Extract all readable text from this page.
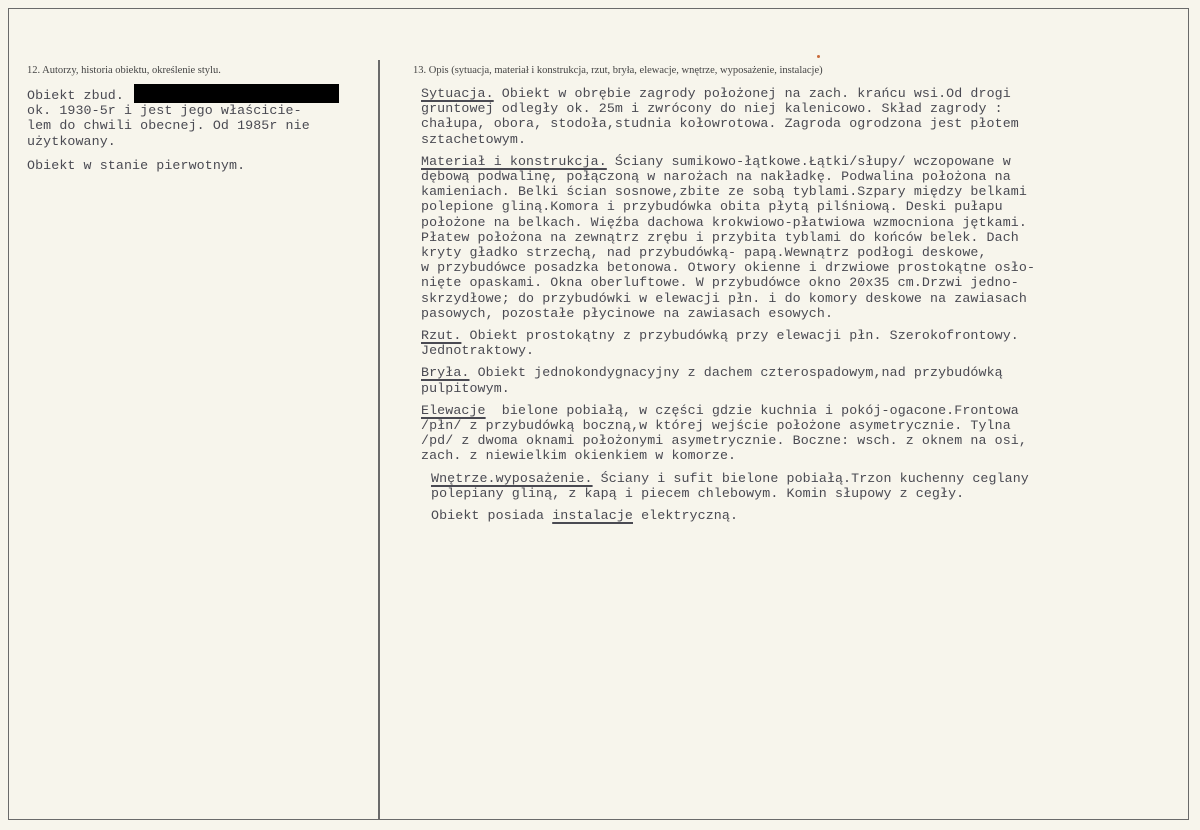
12. Autorzy, historia obiektu, określenie stylu.	13. Opis (sytuacja, materiał i konstrukcja, rzut, bryła, elewacje, wnętrze, wyposażenie, instalacje)
Obiekt zbud.
ok. 1930-5r i jest jego właściciе-
lem do chwili obecnej. Od 1985r nie
użytkowany.
Obiekt w stanie pierwotnym.
Sytuacja. Obiekt w obrębie zagrody położonej na zach. krańcu wsi.Od drogi
gruntowej odległy ok. 25m i zwrócony do niej kalenicowo. Skład zagrody :
chałupa, obora, stodoła,studnia kołowrotowa. Zagroda ogrodzona jest płotem
sztachetowym.
Materiał i konstrukcja. Ściany sumikowo-łątkowe.Łątki/słupy/ wczopowane w
dębową podwalinę, połączoną w narożach na nakładkę. Podwalina położona na
kamieniach. Belki ścian sosnowe,zbite ze sobą tyblami.Szpary między belkami
polepione gliną.Komora i przybudówka obita płytą pilśniową. Deski pułapu
położone na belkach. Więźba dachowa krokwiowo-płatwiowa wzmocniona jętkami.
Płatew położona na zewnątrz zrębu i przybita tyblami do końców belek. Dach
kryty gładko strzechą, nad przybudówką- papą.Wewnątrz podłogi deskowe,
w przybudówce posadzka betonowa. Otwory okienne i drzwiowe prostokątne osło-
nięte opaskami. Okna oberluftowe. W przybudówce okno 20x35 cm.Drzwi jedno-
skrzydłowe; do przybudówki w elewacji płn. i do komory deskowe na zawiasach
pasowych, pozostałe płycinowe na zawiasach esowych.
Rzut. Obiekt prostokątny z przybudówką przy elewacji płn. Szerokofrontowy.
Jednotraktowy.
Bryła. Obiekt jednokondygnacyjny z dachem czterospadowym,nad przybudówką
pulpitowym.
Elewacje  bielone pobiałą, w części gdzie kuchnia i pokój-ogacone.Frontowa
/płn/ z przybudówką boczną,w której wejście położone asymetrycznie. Tylna
/pd/ z dwoma oknami położonymi asymetrycznie. Boczne: wsch. z oknem na osi,
zach. z niewielkim okienkiem w komorze.
Wnętrze.wyposażenie. Ściany i sufit bielone pobiałą.Trzon kuchenny ceglany
polepiany gliną, z kapą i piecem chlebowym. Komin słupowy z cegły.
Obiekt posiada instalacje elektryczną.
